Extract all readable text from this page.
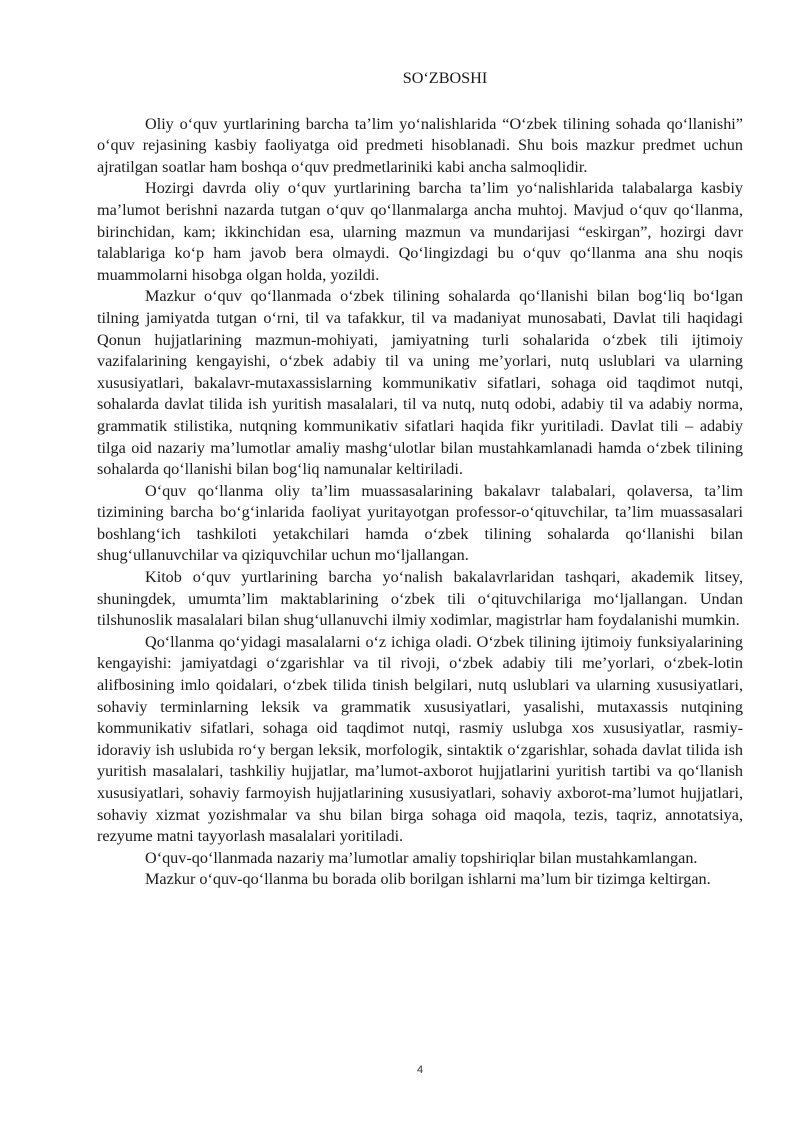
SO‘ZBOSHI

Oliy o‘quv yurtlarining barcha ta’lim yo‘nalishlarida “O‘zbek tilining sohada qo‘llanishi” o‘quv rejasining kasbiy faoliyatga oid predmeti hisoblanadi. Shu bois mazkur predmet uchun ajratilgan soatlar ham boshqa o‘quv predmetlariniki kabi ancha salmoqlidir.

Hozirgi davrda oliy o‘quv yurtlarining barcha ta’lim yo‘nalishlarida talabalarga kasbiy ma’lumot berishni nazarda tutgan o‘quv qo‘llanmalarga ancha muhtoj. Mavjud o‘quv qo‘llanma, birinchidan, kam; ikkinchidan esa, ularning mazmun va mundarijasi “eskirgan”, hozirgi davr talablariga ko‘p ham javob bera olmaydi. Qo‘lingizdagi bu o‘quv qo‘llanma ana shu noqis muammolarni hisobga olgan holda, yozildi.

Mazkur o‘quv qo‘llanmada o‘zbek tilining sohalarda qo‘llanishi bilan bog‘liq bo‘lgan tilning jamiyatda tutgan o‘rni, til va tafakkur, til va madaniyat munosabati, Davlat tili haqidagi Qonun hujjatlarining mazmun-mohiyati, jamiyatning turli sohalarida o‘zbek tili ijtimoiy vazifalarining kengayishi, o‘zbek adabiy til va uning me’yorlari, nutq uslublari va ularning xususiyatlari, bakalavr-mutaxassislarning kommunikativ sifatlari, sohaga oid taqdimot nutqi, sohalarda davlat tilida ish yuritish masalalari, til va nutq, nutq odobi, adabiy til va adabiy norma, grammatik stilistika, nutqning kommunikativ sifatlari haqida fikr yuritiladi. Davlat tili – adabiy tilga oid nazariy ma’lumotlar amaliy mashg‘ulotlar bilan mustahkamlanadi hamda o‘zbek tilining sohalarda qo‘llanishi bilan bog‘liq namunalar keltiriladi.

O‘quv qo‘llanma oliy ta’lim muassasalarining bakalavr talabalari, qolaversa, ta’lim tizimining barcha bo‘g‘inlarida faoliyat yuritayotgan professor-o‘qituvchilar, ta’lim muassasalari boshlang‘ich tashkiloti yetakchilari hamda o‘zbek tilining sohalarda qo‘llanishi bilan shug‘ullanuvchilar va qiziquvchilar uchun mo‘ljallangan.

Kitob o‘quv yurtlarining barcha yo‘nalish bakalavrlaridan tashqari, akademik litsey, shuningdek, umumta’lim maktablarining o‘zbek tili o‘qituvchilariga mo‘ljallangan. Undan tilshunoslik masalalari bilan shug‘ullanuvchi ilmiy xodimlar, magistrlar ham foydalanishi mumkin.

Qo‘llanma qo‘yidagi masalalarni o‘z ichiga oladi. O‘zbek tilining ijtimoiy funksiyalarining kengayishi: jamiyatdagi o‘zgarishlar va til rivoji, o‘zbek adabiy tili me’yorlari, o‘zbek-lotin alifbosining imlo qoidalari, o‘zbek tilida tinish belgilari, nutq uslublari va ularning xususiyatlari, sohaviy terminlarning leksik va grammatik xususiyatlari, yasalishi, mutaxassis nutqining kommunikativ sifatlari, sohaga oid taqdimot nutqi, rasmiy uslubga xos xususiyatlar, rasmiy-idoraviy ish uslubida ro‘y bergan leksik, morfologik, sintaktik o‘zgarishlar, sohada davlat tilida ish yuritish masalalari, tashkiliy hujjatlar, ma’lumot-axborot hujjatlarini yuritish tartibi va qo‘llanish xususiyatlari, sohaviy farmoyish hujjatlarining xususiyatlari, sohaviy axborot-ma’lumot hujjatlari, sohaviy xizmat yozishmalar va shu bilan birga sohaga oid maqola, tezis, taqriz, annotatsiya, rezyume matni tayyorlash masalalari yoritiladi.

O‘quv-qo‘llanmada nazariy ma’lumotlar amaliy topshiriqlar bilan mustahkamlangan.

Mazkur o‘quv-qo‘llanma bu borada olib borilgan ishlarni ma’lum bir tizimga keltirgan.

4
